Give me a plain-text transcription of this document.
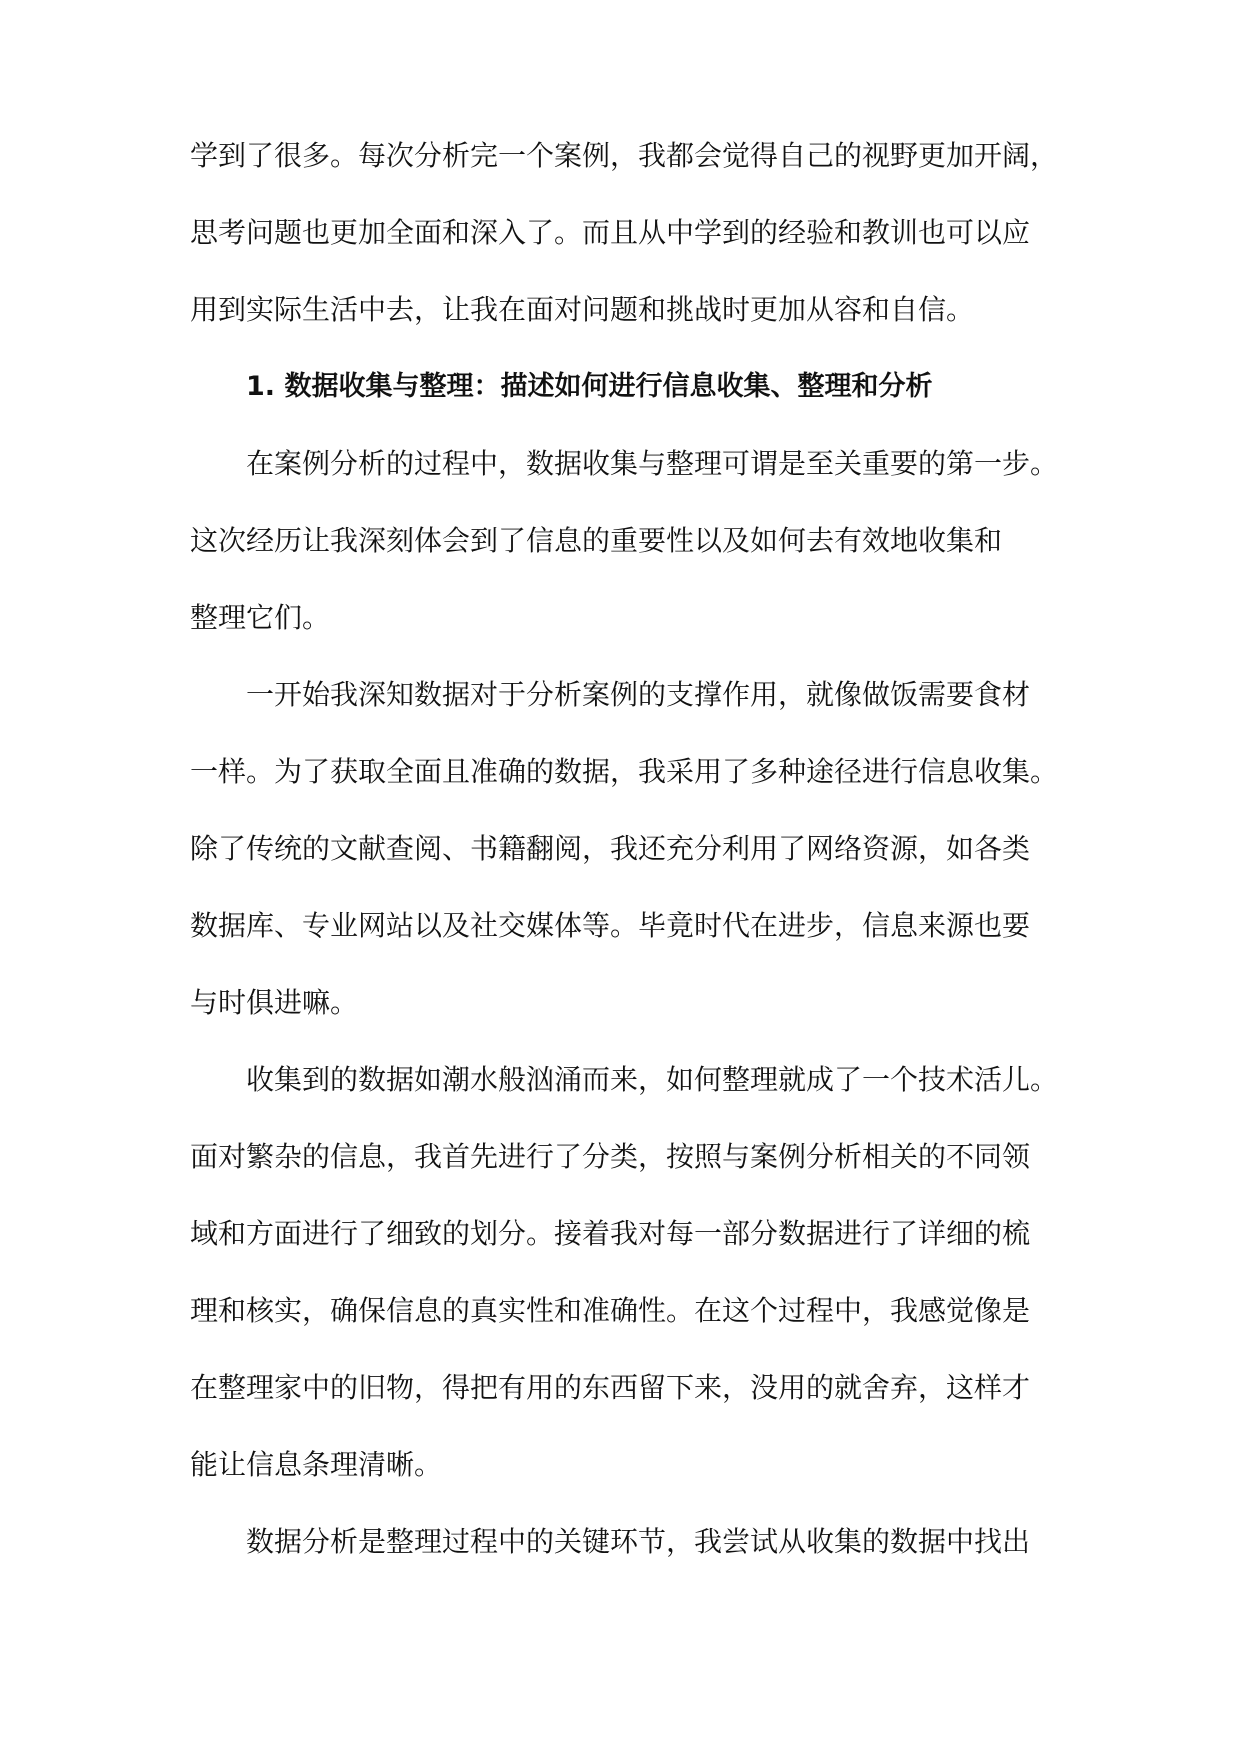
学到了很多。每次分析完一个案例，我都会觉得自己的视野更加开阔，
思考问题也更加全面和深入了。而且从中学到的经验和教训也可以应
用到实际生活中去，让我在面对问题和挑战时更加从容和自信。
1. 数据收集与整理：描述如何进行信息收集、整理和分析
在案例分析的过程中，数据收集与整理可谓是至关重要的第一步。
这次经历让我深刻体会到了信息的重要性以及如何去有效地收集和
整理它们。
一开始我深知数据对于分析案例的支撑作用，就像做饭需要食材
一样。为了获取全面且准确的数据，我采用了多种途径进行信息收集。
除了传统的文献查阅、书籍翻阅，我还充分利用了网络资源，如各类
数据库、专业网站以及社交媒体等。毕竟时代在进步，信息来源也要
与时俱进嘛。
收集到的数据如潮水般汹涌而来，如何整理就成了一个技术活儿。
面对繁杂的信息，我首先进行了分类，按照与案例分析相关的不同领
域和方面进行了细致的划分。接着我对每一部分数据进行了详细的梳
理和核实，确保信息的真实性和准确性。在这个过程中，我感觉像是
在整理家中的旧物，得把有用的东西留下来，没用的就舍弃，这样才
能让信息条理清晰。
数据分析是整理过程中的关键环节，我尝试从收集的数据中找出
